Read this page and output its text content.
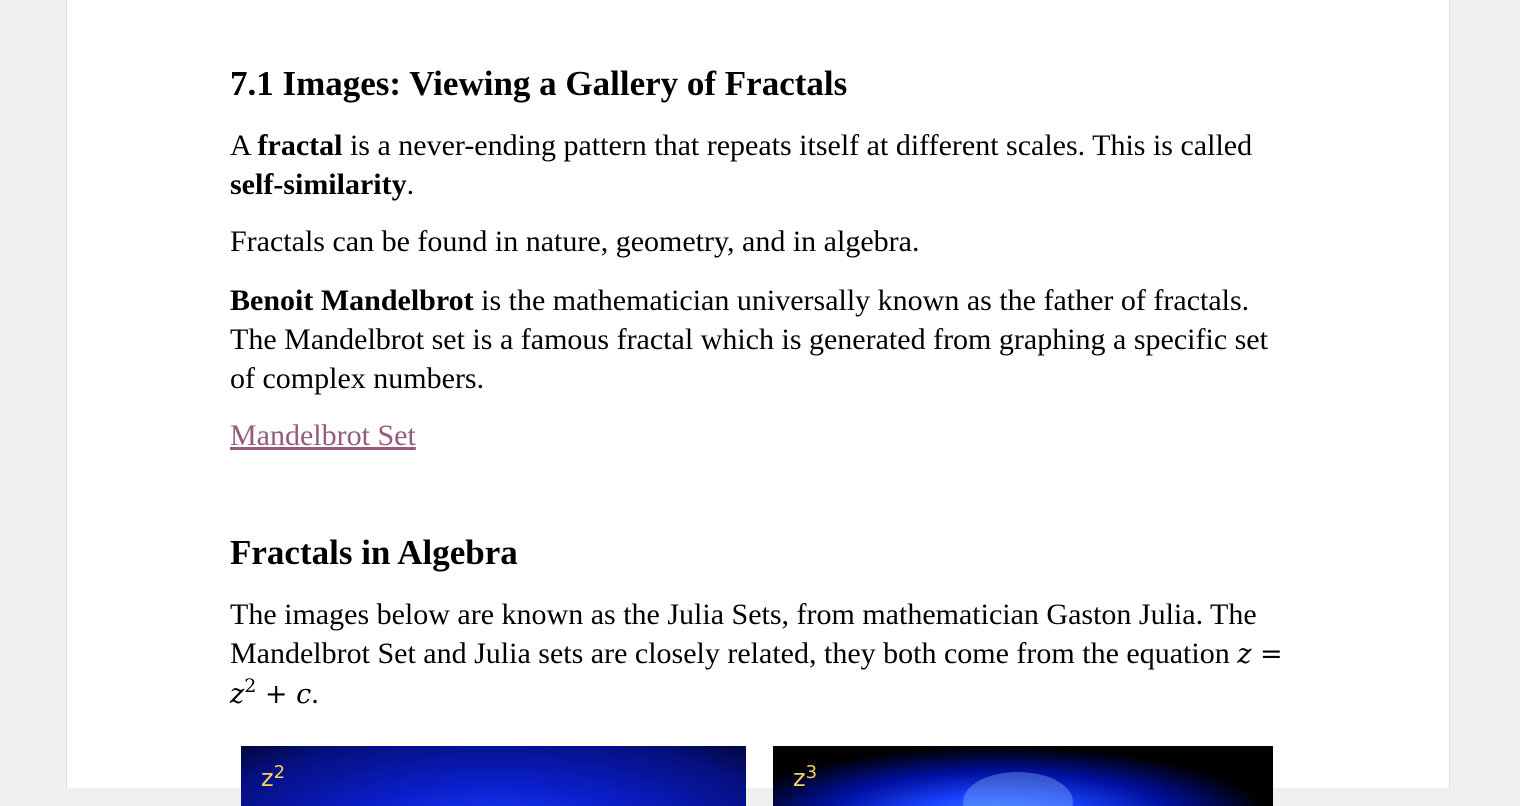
7.1 Images: Viewing a Gallery of Fractals

A fractal is a never-ending pattern that repeats itself at different scales. This is called self-similarity.

Fractals can be found in nature, geometry, and in algebra.

Benoit Mandelbrot is the mathematician universally known as the father of fractals. The Mandelbrot set is a famous fractal which is generated from graphing a specific set of complex numbers.

Mandelbrot Set
Fractals in Algebra

The images below are known as the Julia Sets, from mathematician Gaston Julia. The Mandelbrot Set and Julia sets are closely related, they both come from the equation $z = z^2 + c$.

$z^2$	$z^3$
